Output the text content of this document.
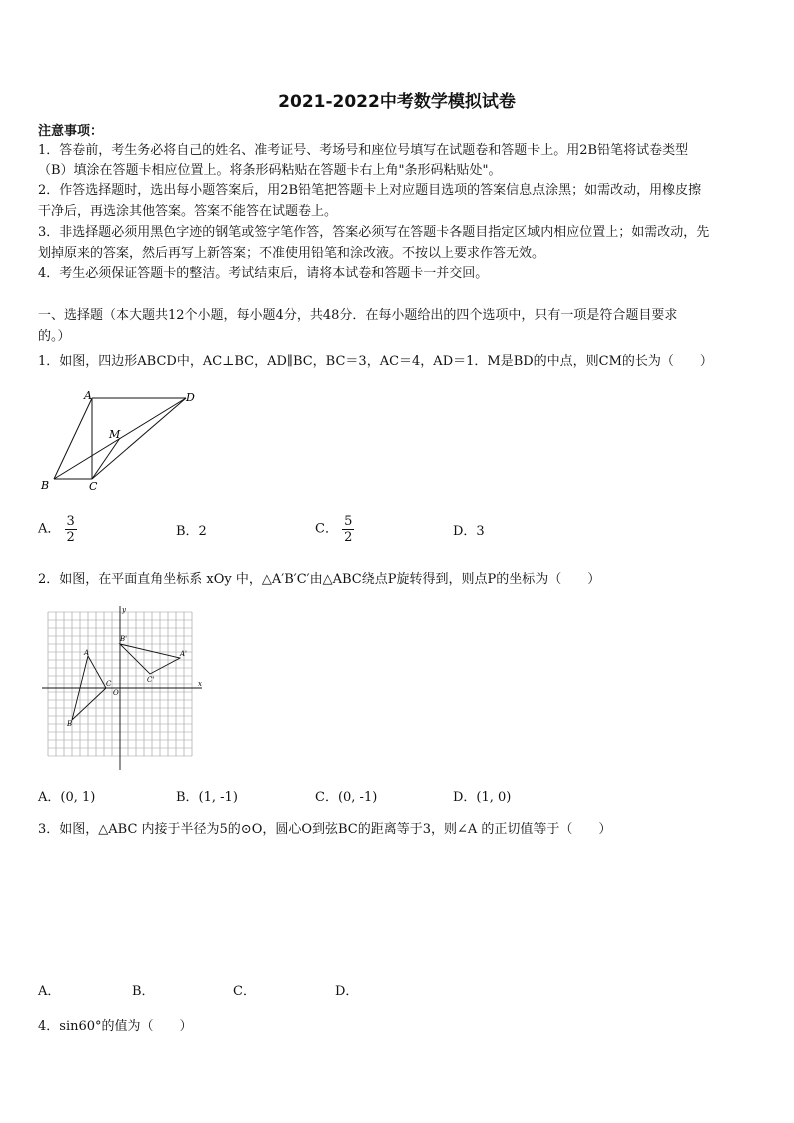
2021-2022中考数学模拟试卷
注意事项：
1．答卷前，考生务必将自己的姓名、准考证号、考场号和座位号填写在试题卷和答题卡上。用2B铅笔将试卷类型
（B）填涂在答题卡相应位置上。将条形码粘贴在答题卡右上角"条形码粘贴处"。
2．作答选择题时，选出每小题答案后，用2B铅笔把答题卡上对应题目选项的答案信息点涂黑；如需改动，用橡皮擦
干净后，再选涂其他答案。答案不能答在试题卷上。
3．非选择题必须用黑色字迹的钢笔或签字笔作答，答案必须写在答题卡各题目指定区域内相应位置上；如需改动，先
划掉原来的答案，然后再写上新答案；不准使用铅笔和涂改液。不按以上要求作答无效。
4．考生必须保证答题卡的整洁。考试结束后，请将本试卷和答题卡一并交回。
一、选择题（本大题共12个小题，每小题4分，共48分．在每小题给出的四个选项中，只有一项是符合题目要求
的。）
1．如图，四边形ABCD中，AC⊥BC，AD∥BC，BC＝3，AC＝4，AD＝1．M是BD的中点，则CM的长为（　　）
A
B	C
D
M
A． $\frac{3}{2}$	B．2	C． $\frac{5}{2}$	D．3
2．如图，在平面直角坐标系 xOy 中，△A′B′C′由△ABC绕点P旋转得到，则点P的坐标为（　　）
y
x
O
A
B
C
A'
B'
C'
A．(0, 1)	B．(1, -1)	C．(0, -1)	D．(1, 0)
3．如图，△ABC 内接于半径为5的⊙O，圆心O到弦BC的距离等于3，则∠A 的正切值等于（　　）
A．	B．	C．	D．
4．sin60°的值为（　　）
